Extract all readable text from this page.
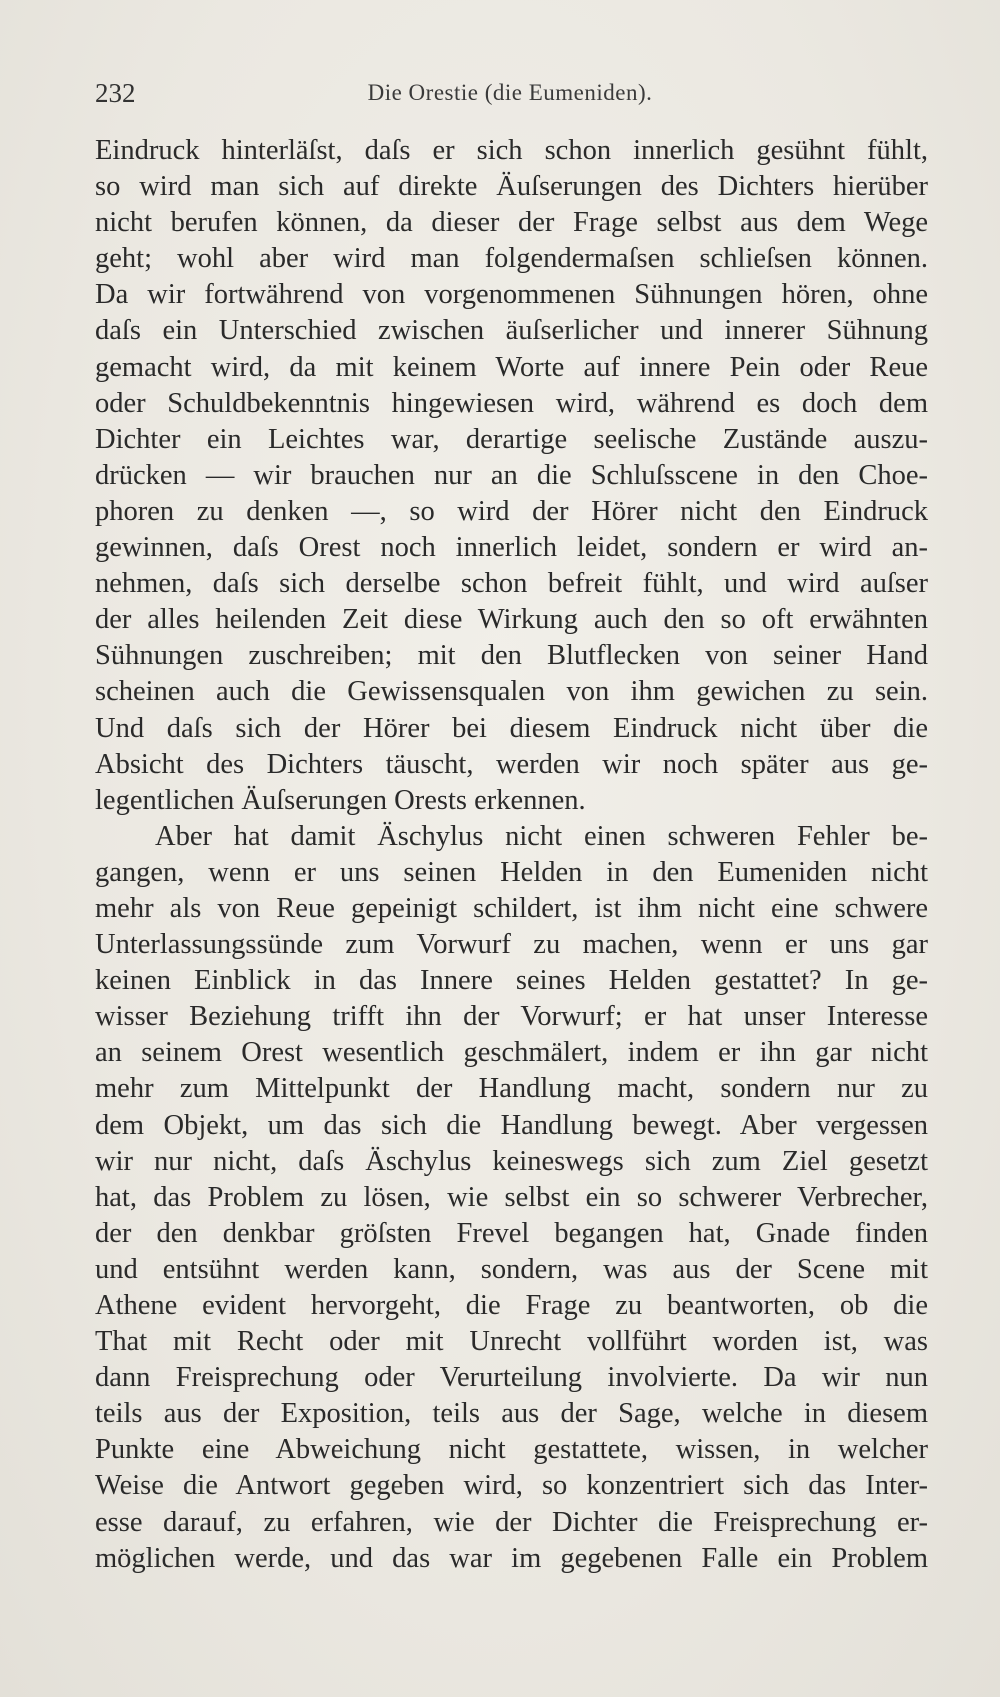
232	Die Orestie (die Eumeniden).
Eindruck hinterläſst, daſs er sich schon innerlich gesühnt fühlt,
so wird man sich auf direkte Äuſserungen des Dichters hierüber
nicht berufen können, da dieser der Frage selbst aus dem Wege
geht; wohl aber wird man folgendermaſsen schlieſsen können.
Da wir fortwährend von vorgenommenen Sühnungen hören, ohne
daſs ein Unterschied zwischen äuſserlicher und innerer Sühnung
gemacht wird, da mit keinem Worte auf innere Pein oder Reue
oder Schuldbekenntnis hingewiesen wird, während es doch dem
Dichter ein Leichtes war, derartige seelische Zustände auszu-
drücken — wir brauchen nur an die Schluſsscene in den Choe-
phoren zu denken —, so wird der Hörer nicht den Eindruck
gewinnen, daſs Orest noch innerlich leidet, sondern er wird an-
nehmen, daſs sich derselbe schon befreit fühlt, und wird auſser
der alles heilenden Zeit diese Wirkung auch den so oft erwähnten
Sühnungen zuschreiben; mit den Blutflecken von seiner Hand
scheinen auch die Gewissensqualen von ihm gewichen zu sein.
Und daſs sich der Hörer bei diesem Eindruck nicht über die
Absicht des Dichters täuscht, werden wir noch später aus ge-
legentlichen Äuſserungen Orests erkennen.
Aber hat damit Äschylus nicht einen schweren Fehler be-
gangen, wenn er uns seinen Helden in den Eumeniden nicht
mehr als von Reue gepeinigt schildert, ist ihm nicht eine schwere
Unterlassungssünde zum Vorwurf zu machen, wenn er uns gar
keinen Einblick in das Innere seines Helden gestattet? In ge-
wisser Beziehung trifft ihn der Vorwurf; er hat unser Interesse
an seinem Orest wesentlich geschmälert, indem er ihn gar nicht
mehr zum Mittelpunkt der Handlung macht, sondern nur zu
dem Objekt, um das sich die Handlung bewegt. Aber vergessen
wir nur nicht, daſs Äschylus keineswegs sich zum Ziel gesetzt
hat, das Problem zu lösen, wie selbst ein so schwerer Verbrecher,
der den denkbar gröſsten Frevel begangen hat, Gnade finden
und entsühnt werden kann, sondern, was aus der Scene mit
Athene evident hervorgeht, die Frage zu beantworten, ob die
That mit Recht oder mit Unrecht vollführt worden ist, was
dann Freisprechung oder Verurteilung involvierte. Da wir nun
teils aus der Exposition, teils aus der Sage, welche in diesem
Punkte eine Abweichung nicht gestattete, wissen, in welcher
Weise die Antwort gegeben wird, so konzentriert sich das Inter-
esse darauf, zu erfahren, wie der Dichter die Freisprechung er-
möglichen werde, und das war im gegebenen Falle ein Problem
